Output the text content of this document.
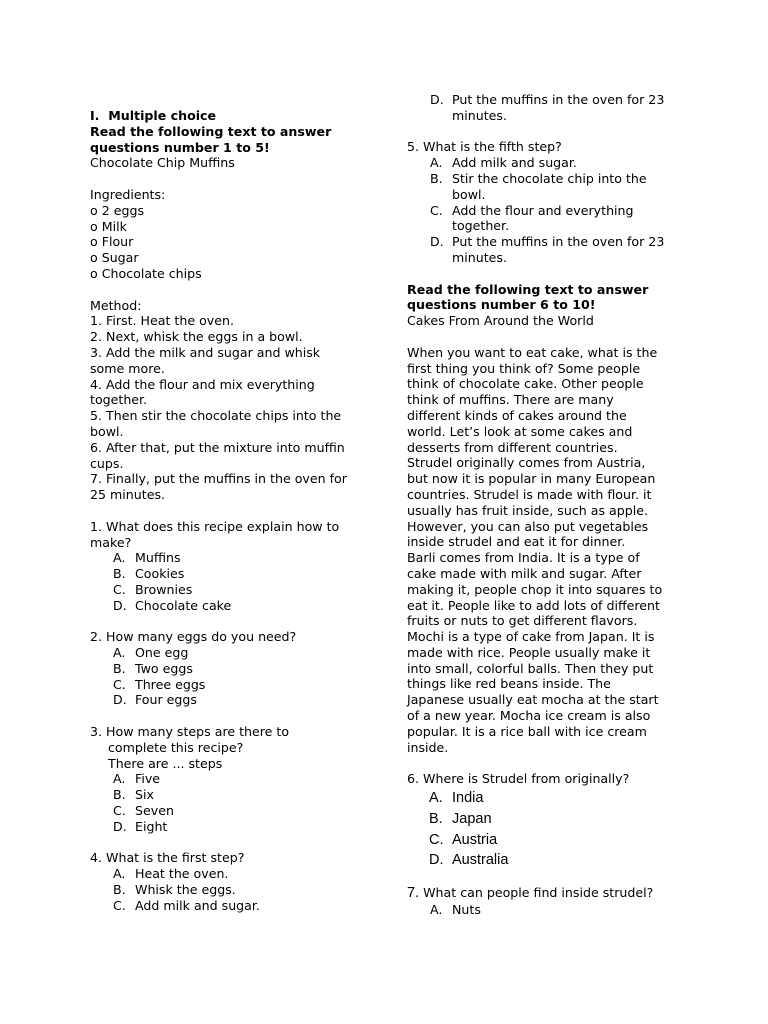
I.  Multiple choice
Read the following text to answer
questions number 1 to 5!
Chocolate Chip Muffins
Ingredients:
o 2 eggs
o Milk
o Flour
o Sugar
o Chocolate chips
Method:
1. First. Heat the oven.
2. Next, whisk the eggs in a bowl.
3. Add the milk and sugar and whisk
some more.
4. Add the flour and mix everything
together.
5. Then stir the chocolate chips into the
bowl.
6. After that, put the mixture into muffin
cups.
7. Finally, put the muffins in the oven for
25 minutes.
1. What does this recipe explain how to
make?
A. Muffins
B. Cookies
C. Brownies
D. Chocolate cake
2. How many eggs do you need?
A. One egg
B. Two eggs
C. Three eggs
D. Four eggs
3. How many steps are there to
complete this recipe?
There are ... steps
A. Five
B. Six
C. Seven
D. Eight
4. What is the first step?
A. Heat the oven.
B. Whisk the eggs.
C. Add milk and sugar.
D. Put the muffins in the oven for 23
minutes.
5. What is the fifth step?
A. Add milk and sugar.
B. Stir the chocolate chip into the
bowl.
C. Add the flour and everything
together.
D. Put the muffins in the oven for 23
minutes.
Read the following text to answer
questions number 6 to 10!
Cakes From Around the World
When you want to eat cake, what is the
first thing you think of? Some people
think of chocolate cake. Other people
think of muffins. There are many
different kinds of cakes around the
world. Let’s look at some cakes and
desserts from different countries.
Strudel originally comes from Austria,
but now it is popular in many European
countries. Strudel is made with flour. it
usually has fruit inside, such as apple.
However, you can also put vegetables
inside strudel and eat it for dinner.
Barli comes from India. It is a type of
cake made with milk and sugar. After
making it, people chop it into squares to
eat it. People like to add lots of different
fruits or nuts to get different flavors.
Mochi is a type of cake from Japan. It is
made with rice. People usually make it
into small, colorful balls. Then they put
things like red beans inside. The
Japanese usually eat mocha at the start
of a new year. Mocha ice cream is also
popular. It is a rice ball with ice cream
inside.
6. Where is Strudel from originally?
A. India
B. Japan
C. Austria
D. Australia
7. What can people find inside strudel?
A. Nuts
